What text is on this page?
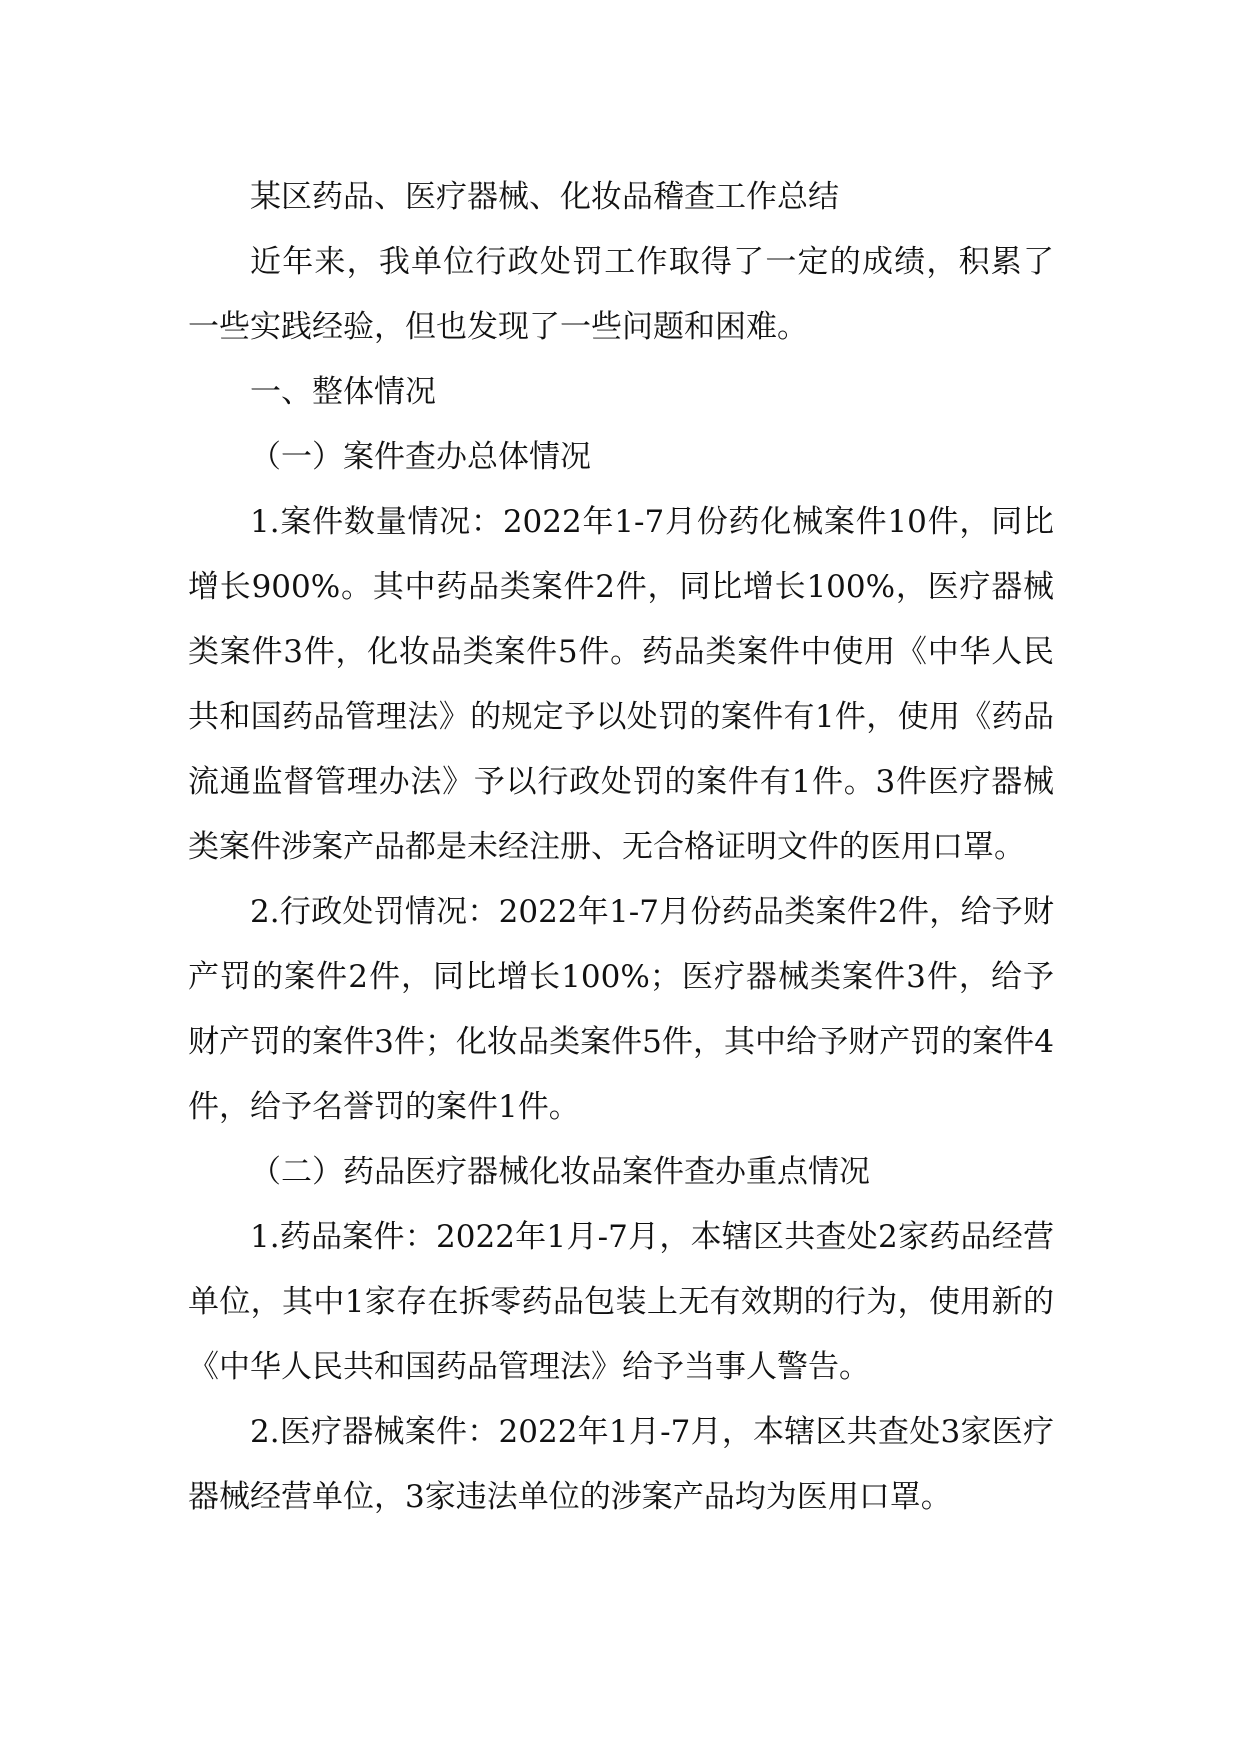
某区药品、医疗器械、化妆品稽查工作总结

近年来，我单位行政处罚工作取得了一定的成绩，积累了一些实践经验，但也发现了一些问题和困难。

一、整体情况

（一）案件查办总体情况

1.案件数量情况：2022年1-7月份药化械案件10件，同比增长900%。其中药品类案件2件，同比增长100%，医疗器械类案件3件，化妆品类案件5件。药品类案件中使用《中华人民共和国药品管理法》的规定予以处罚的案件有1件，使用《药品流通监督管理办法》予以行政处罚的案件有1件。3件医疗器械类案件涉案产品都是未经注册、无合格证明文件的医用口罩。

2.行政处罚情况：2022年1-7月份药品类案件2件，给予财产罚的案件2件，同比增长100%；医疗器械类案件3件，给予财产罚的案件3件；化妆品类案件5件，其中给予财产罚的案件4件，给予名誉罚的案件1件。

（二）药品医疗器械化妆品案件查办重点情况

1.药品案件：2022年1月-7月，本辖区共查处2家药品经营单位，其中1家存在拆零药品包装上无有效期的行为，使用新的《中华人民共和国药品管理法》给予当事人警告。

2.医疗器械案件：2022年1月-7月，本辖区共查处3家医疗器械经营单位，3家违法单位的涉案产品均为医用口罩。
